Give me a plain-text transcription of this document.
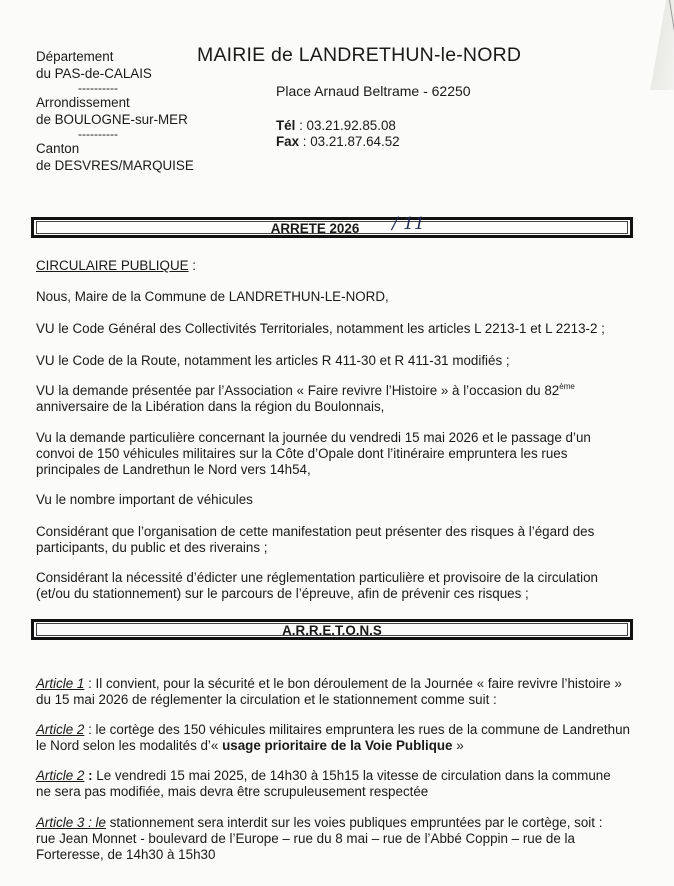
Département
du PAS-de-CALAIS
----------
Arrondissement
de BOULOGNE-sur-MER
----------
Canton
de DESVRES/MARQUISE
MAIRIE de LANDRETHUN-le-NORD
Place Arnaud Beltrame - 62250
Tél : 03.21.92.85.08
Fax : 03.21.87.64.52
ARRETE 2026	/ 11
CIRCULAIRE PUBLIQUE :
Nous, Maire de la Commune de LANDRETHUN-LE-NORD,
VU le Code Général des Collectivités Territoriales, notamment les articles L 2213-1 et L 2213-2 ;
VU le Code de la Route, notamment les articles R 411-30 et R 411-31 modifiés ;
VU la demande présentée par l’Association « Faire revivre l’Histoire » à l’occasion du 82ème
anniversaire de la Libération dans la région du Boulonnais,
Vu la demande particulière concernant la journée du vendredi 15 mai 2026 et le passage d’un
convoi de 150 véhicules militaires sur la Côte d’Opale dont l’itinéraire empruntera les rues
principales de Landrethun le Nord vers 14h54,
Vu le nombre important de véhicules
Considérant que l’organisation de cette manifestation peut présenter des risques à l’égard des
participants, du public et des riverains ;
Considérant la nécessité d’édicter une réglementation particulière et provisoire de la circulation
(et/ou du stationnement) sur le parcours de l’épreuve, afin de prévenir ces risques ;
A.R.R.E.T.O.N.S
Article 1 : Il convient, pour la sécurité et le bon déroulement de la Journée « faire revivre l’histoire »
du 15 mai 2026 de réglementer la circulation et le stationnement comme suit :
Article 2 : le cortège des 150 véhicules militaires empruntera les rues de la commune de Landrethun
le Nord selon les modalités d’« usage prioritaire de la Voie Publique »
Article 2 : Le vendredi 15 mai 2025, de 14h30 à 15h15 la vitesse de circulation dans la commune
ne sera pas modifiée, mais devra être scrupuleusement respectée
Article 3 : le stationnement sera interdit sur les voies publiques empruntées par le cortège, soit :
rue Jean Monnet - boulevard de l’Europe – rue du 8 mai – rue de l’Abbé Coppin – rue de la
Forteresse, de 14h30 à 15h30
